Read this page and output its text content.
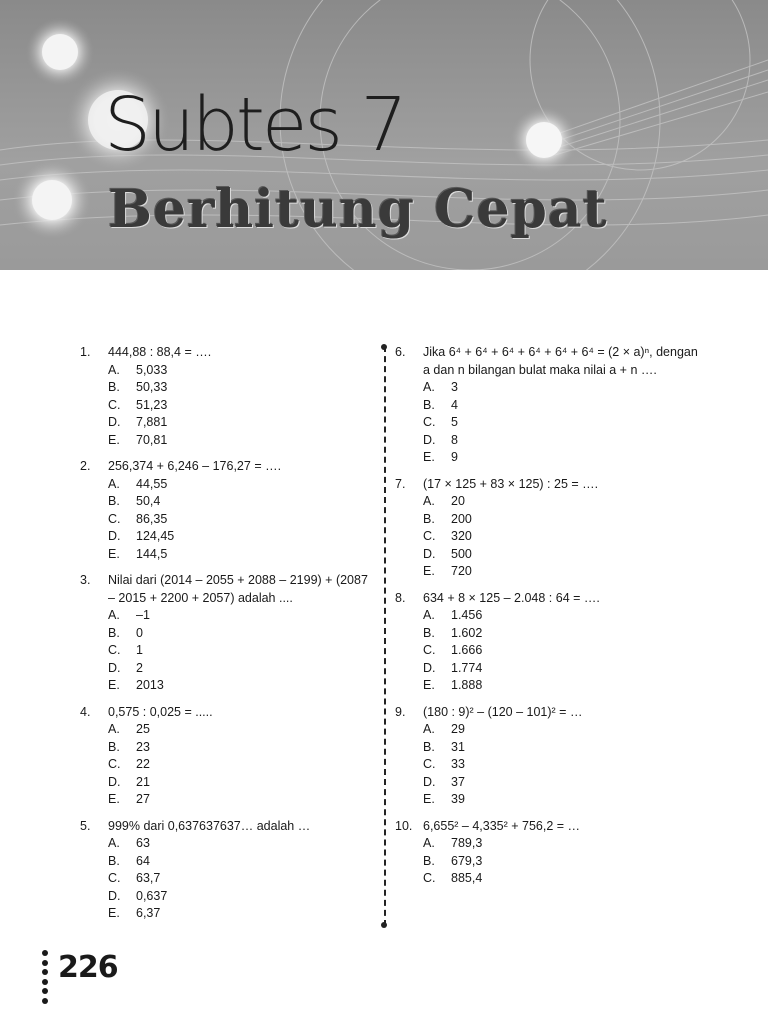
Subtes 7
Berhitung Cepat
1.	444,88 : 88,4 = ….
A.	5,033
B.	50,33
C.	51,23
D.	7,881
E.	70,81
2.	256,374 + 6,246 – 176,27 = ….
A.	44,55
B.	50,4
C.	86,35
D.	124,45
E.	144,5
3.	Nilai dari (2014 – 2055 + 2088 – 2199) + (2087 – 2015 + 2200 + 2057) adalah ....
A.	–1
B.	0
C.	1
D.	2
E.	2013
4.	0,575 : 0,025 = .....
A.	25
B.	23
C.	22
D.	21
E.	27
5.	999% dari 0,637637637… adalah …
A.	63
B.	64
C.	63,7
D.	0,637
E.	6,37
6.	Jika 6⁴ + 6⁴ + 6⁴ + 6⁴ + 6⁴ + 6⁴ = (2 × a)ⁿ, dengan a dan n bilangan bulat maka nilai a + n ….
A.	3
B.	4
C.	5
D.	8
E.	9
7.	(17 × 125 + 83 × 125) : 25 = ….
A.	20
B.	200
C.	320
D.	500
E.	720
8.	634 + 8 × 125 – 2.048 : 64 = ….
A.	1.456
B.	1.602
C.	1.666
D.	1.774
E.	1.888
9.	(180 : 9)² – (120 – 101)² = …
A.	29
B.	31
C.	33
D.	37
E.	39
10. 6,655² – 4,335² + 756,2 = …
A.	789,3
B.	679,3
C.	885,4
226
